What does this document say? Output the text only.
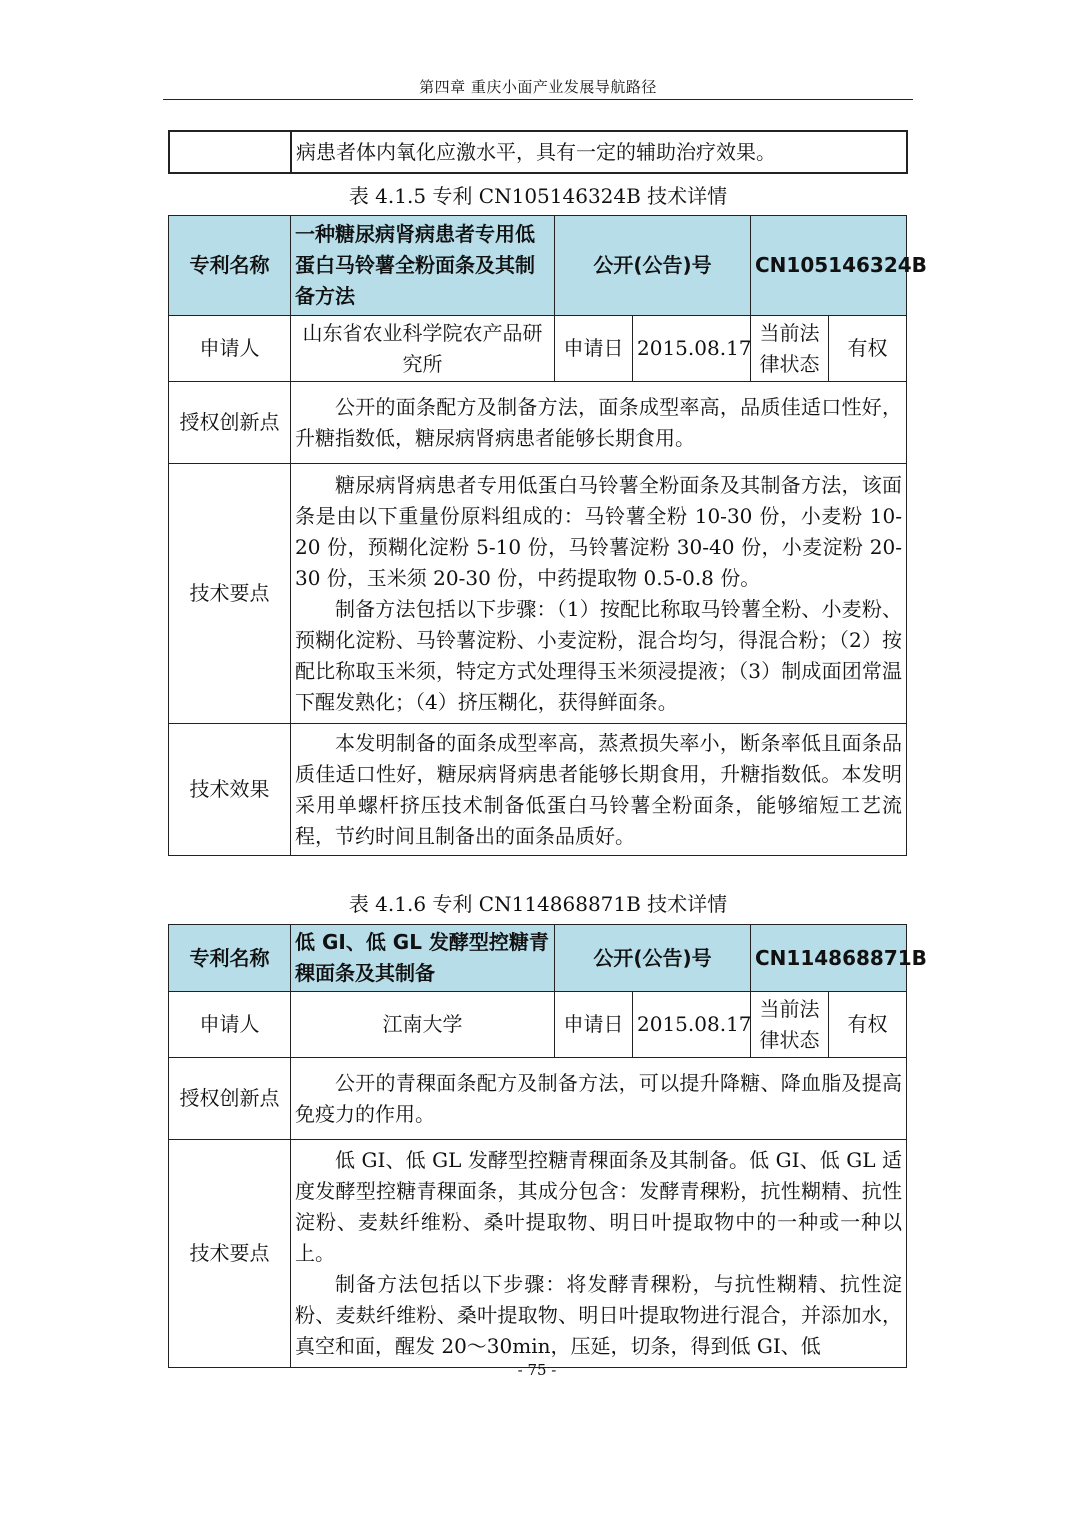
第四章 重庆小面产业发展导航路径
	病患者体内氧化应激水平，具有一定的辅助治疗效果。
表 4.1.5 专利 CN105146324B 技术详情
专利名称	一种糖尿病肾病患者专用低蛋白马铃薯全粉面条及其制备方法	公开(公告)号		CN105146324B	
申请人	山东省农业科学院农产品研究所	申请日	2015.08.17	当前法律状态	有权
授权创新点	公开的面条配方及制备方法，面条成型率高，品质佳适口性好，升糖指数低，糖尿病肾病患者能够长期食用。				

技术要点	糖尿病肾病患者专用低蛋白马铃薯全粉面条及其制备方法，该面条是由以下重量份原料组成的：马铃薯全粉 10-30 份，小麦粉 10-20 份，预糊化淀粉 5-10 份，马铃薯淀粉 30-40 份，小麦淀粉 20-30 份，玉米须 20-30 份，中药提取物 0.5-0.8 份。

制备方法包括以下步骤：（1）按配比称取马铃薯全粉、小麦粉、预糊化淀粉、马铃薯淀粉、小麦淀粉，混合均匀，得混合粉；（2）按配比称取玉米须，特定方式处理得玉米须浸提液；（3）制成面团常温下醒发熟化；（4）挤压糊化，获得鲜面条。				

技术效果	本发明制备的面条成型率高，蒸煮损失率小，断条率低且面条品质佳适口性好，糖尿病肾病患者能够长期食用，升糖指数低。本发明采用单螺杆挤压技术制备低蛋白马铃薯全粉面条，能够缩短工艺流程，节约时间且制备出的面条品质好。				

表 4.1.6 专利 CN114868871B 技术详情
专利名称	低 GI、低 GL 发酵型控糖青稞面条及其制备	公开(公告)号		CN114868871B	
申请人	江南大学	申请日	2015.08.17	当前法律状态	有权
授权创新点	公开的青稞面条配方及制备方法，可以提升降糖、降血脂及提高免疫力的作用。				

技术要点	低 GI、低 GL 发酵型控糖青稞面条及其制备。低 GI、低 GL 适度发酵型控糖青稞面条，其成分包含：发酵青稞粉，抗性糊精、抗性淀粉、麦麸纤维粉、桑叶提取物、明日叶提取物中的一种或一种以上。

制备方法包括以下步骤：将发酵青稞粉，与抗性糊精、抗性淀粉、麦麸纤维粉、桑叶提取物、明日叶提取物进行混合，并添加水，真空和面，醒发 20～30min，压延，切条，得到低 GI、低				

- 75 -
